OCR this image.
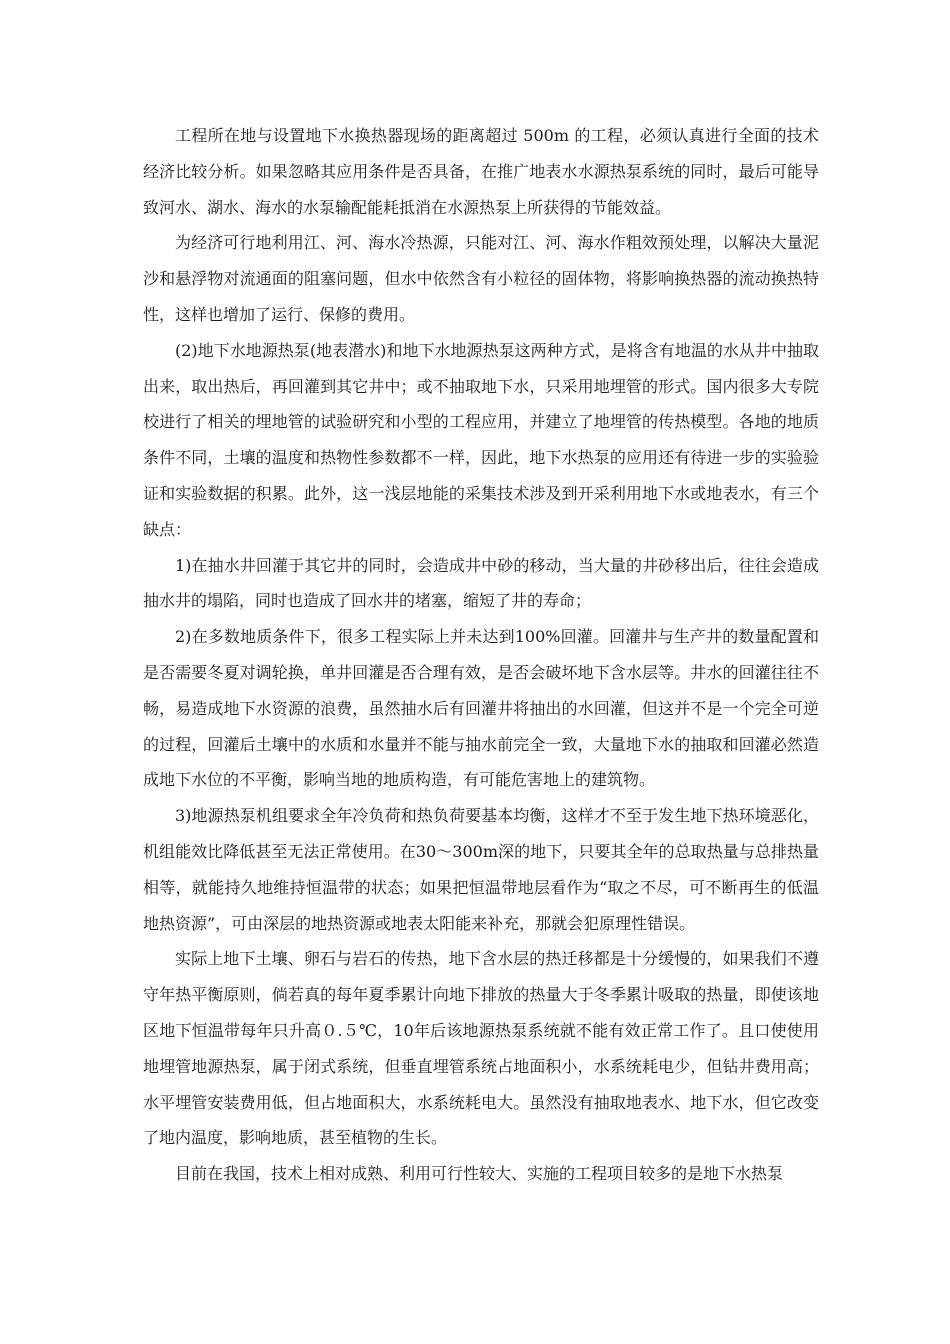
工程所在地与设置地下水换热器现场的距离超过 500m 的工程，必须认真进行全面的技术经济比较分析。如果忽略其应用条件是否具备，在推广地表水水源热泵系统的同时，最后可能导致河水、湖水、海水的水泵输配能耗抵消在水源热泵上所获得的节能效益。

为经济可行地利用江、河、海水冷热源，只能对江、河、海水作粗效预处理，以解决大量泥沙和悬浮物对流通面的阻塞问题，但水中依然含有小粒径的固体物，将影响换热器的流动换热特性，这样也增加了运行、保修的费用。

(2)地下水地源热泵(地表潜水)和地下水地源热泵这两种方式，是将含有地温的水从井中抽取出来，取出热后，再回灌到其它井中；或不抽取地下水，只采用地埋管的形式。国内很多大专院校进行了相关的埋地管的试验研究和小型的工程应用，并建立了地埋管的传热模型。各地的地质条件不同，土壤的温度和热物性参数都不一样，因此，地下水热泵的应用还有待进一步的实验验证和实验数据的积累。此外，这一浅层地能的采集技术涉及到开采利用地下水或地表水，有三个缺点：

1)在抽水井回灌于其它井的同时，会造成井中砂的移动，当大量的井砂移出后，往往会造成抽水井的塌陷，同时也造成了回水井的堵塞，缩短了井的寿命；

2)在多数地质条件下，很多工程实际上并未达到100%回灌。回灌井与生产井的数量配置和是否需要冬夏对调轮换，单井回灌是否合理有效，是否会破坏地下含水层等。井水的回灌往往不畅，易造成地下水资源的浪费，虽然抽水后有回灌井将抽出的水回灌，但这并不是一个完全可逆的过程，回灌后土壤中的水质和水量并不能与抽水前完全一致，大量地下水的抽取和回灌必然造成地下水位的不平衡，影响当地的地质构造，有可能危害地上的建筑物。

3)地源热泵机组要求全年冷负荷和热负荷要基本均衡，这样才不至于发生地下热环境恶化，机组能效比降低甚至无法正常使用。在30～300m深的地下，只要其全年的总取热量与总排热量相等，就能持久地维持恒温带的状态；如果把恒温带地层看作为“取之不尽，可不断再生的低温地热资源”，可由深层的地热资源或地表太阳能来补充，那就会犯原理性错误。

实际上地下土壤、卵石与岩石的传热，地下含水层的热迁移都是十分缓慢的，如果我们不遵守年热平衡原则，倘若真的每年夏季累计向地下排放的热量大于冬季累计吸取的热量，即使该地区地下恒温带每年只升高０.５℃，10年后该地源热泵系统就不能有效正常工作了。且口使使用地埋管地源热泵，属于闭式系统，但垂直埋管系统占地面积小，水系统耗电少，但钻井费用高；水平埋管安装费用低，但占地面积大，水系统耗电大。虽然没有抽取地表水、地下水，但它改变了地内温度，影响地质，甚至植物的生长。

目前在我国，技术上相对成熟、利用可行性较大、实施的工程项目较多的是地下水热泵
